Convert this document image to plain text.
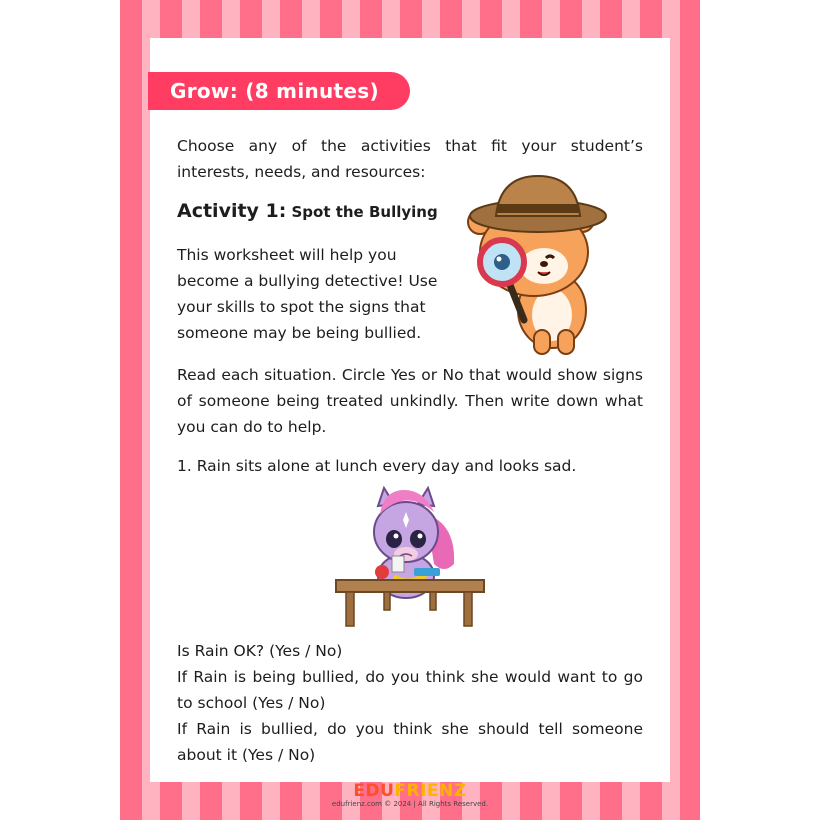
Grow: (8 minutes)
Choose any of the activities that fit your student’s interests, needs, and resources:
Activity 1: Spot the Bullying
This worksheet will help you become a bullying detective! Use your skills to spot the signs that someone may be being bullied.
Read each situation. Circle Yes or No that would show signs of someone being treated unkindly. Then write down what you can do to help.
1. Rain sits alone at lunch every day and looks sad.
Is Rain OK? (Yes / No)
If Rain is being bullied, do you think she would want to go to school (Yes / No)
If Rain is bullied, do you think she should tell someone about it (Yes / No)
EDUFRIENZ
edufrienz.com © 2024 | All Rights Reserved.
